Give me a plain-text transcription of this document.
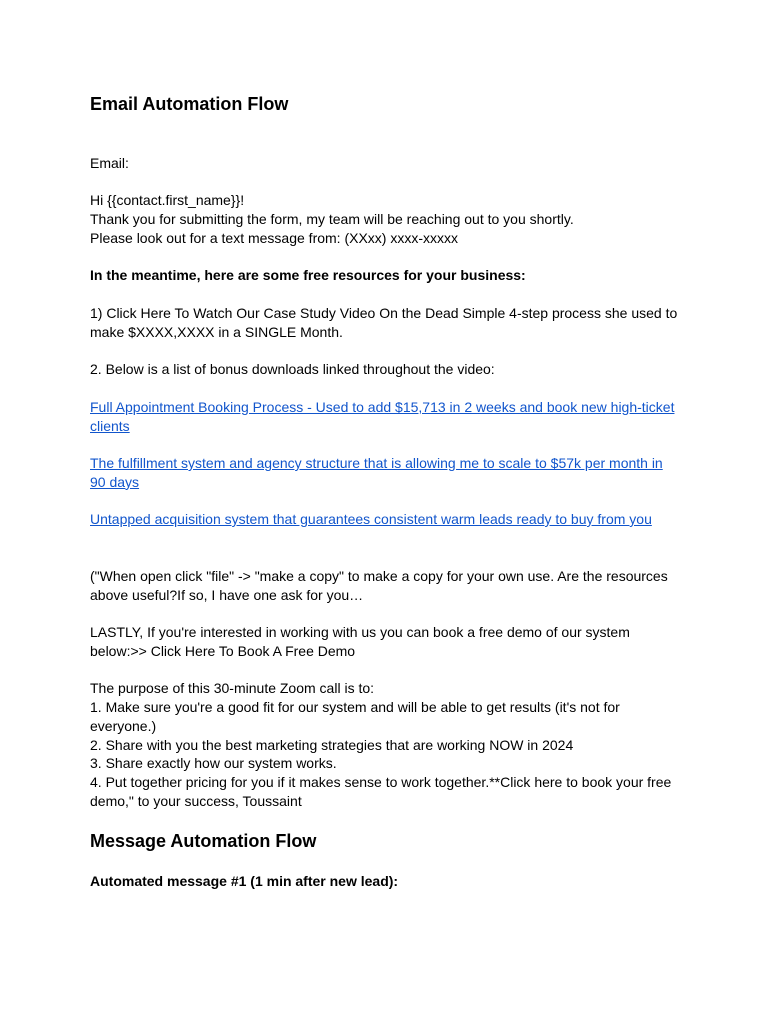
Email Automation Flow

Email:

Hi {{contact.first_name}}!

Thank you for submitting the form, my team will be reaching out to you shortly.

Please look out for a text message from: (XXxx) xxxx-xxxxx

In the meantime, here are some free resources for your business:

1) Click Here To Watch Our Case Study Video On the Dead Simple 4-step process she used to make $XXXX,XXXX in a SINGLE Month.

2. Below is a list of bonus downloads linked throughout the video:

Full Appointment Booking Process - Used to add $15,713 in 2 weeks and book new high-ticket clients

The fulfillment system and agency structure that is allowing me to scale to $57k per month in 90 days

Untapped acquisition system that guarantees consistent warm leads ready to buy from you

("When open click "file" -> "make a copy" to make a copy for your own use. Are the resources above useful?If so, I have one ask for you…

LASTLY, If you're interested in working with us you can book a free demo of our system below:>> Click Here To Book A Free Demo

The purpose of this 30-minute Zoom call is to:

1. Make sure you're a good fit for our system and will be able to get results (it's not for everyone.)

2. Share with you the best marketing strategies that are working NOW in 2024

3. Share exactly how our system works.

4. Put together pricing for you if it makes sense to work together.**Click here to book your free demo," to your success, Toussaint

Message Automation Flow

Automated message #1 (1 min after new lead):
